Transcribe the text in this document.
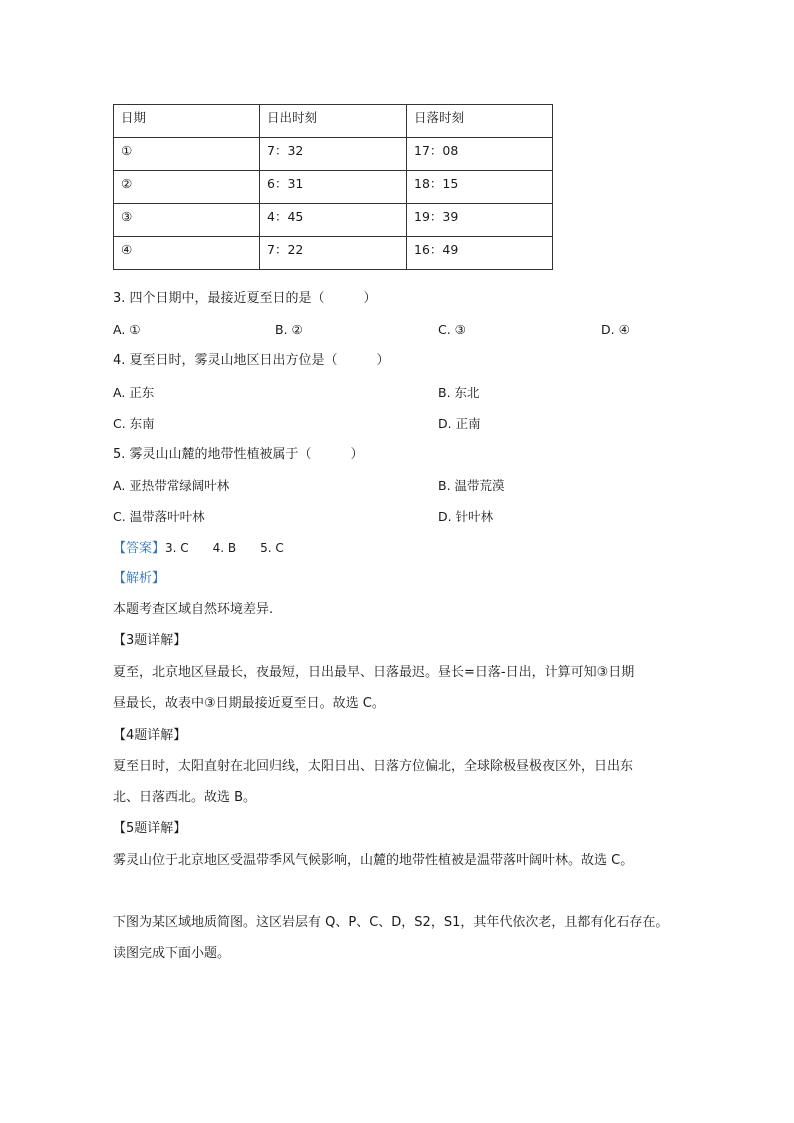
日期	日出时刻	日落时刻
①	7：32	17：08
②	6：31	18：15
③	4：45	19：39
④	7：22	16：49
3. 四个日期中，最接近夏至日的是（　　　）
A. ①	B. ②	C. ③	D. ④
4. 夏至日时，雾灵山地区日出方位是（　　　）
A. 正东	B. 东北
C. 东南	D. 正南
5. 雾灵山山麓的地带性植被属于（　　　）
A. 亚热带常绿阔叶林	B. 温带荒漠
C. 温带落叶叶林	D. 针叶林
【答案】3. C　　4. B　　5. C
【解析】
本题考查区域自然环境差异.
【3题详解】
夏至，北京地区昼最长，夜最短，日出最早、日落最迟。昼长=日落-日出，计算可知③日期
昼最长，故表中③日期最接近夏至日。故选 C。
【4题详解】
夏至日时，太阳直射在北回归线，太阳日出、日落方位偏北，全球除极昼极夜区外，日出东
北、日落西北。故选 B。
【5题详解】
雾灵山位于北京地区受温带季风气候影响，山麓的地带性植被是温带落叶阔叶林。故选 C。
下图为某区域地质简图。这区岩层有 Q、P、C、D，S2，S1，其年代依次老，且都有化石存在。
读图完成下面小题。
